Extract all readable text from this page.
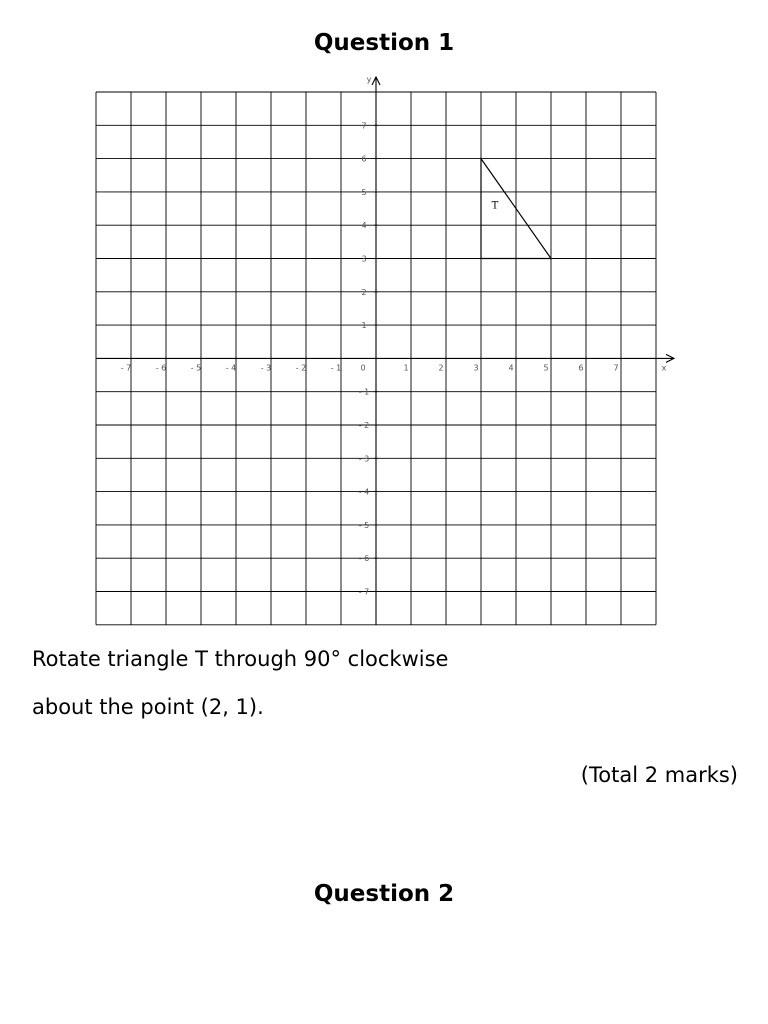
Question 1
x
y
0
- 7	- 6	- 5	- 4	- 3	- 2	- 1	1	2	3	4	5	6	7
- 7
- 6
- 5
- 4
- 3
- 2
- 1
1
2
3
4
5
6
7
T

Rotate triangle T through 90° clockwise

about the point (2, 1).

(Total 2 marks)

Question 2
